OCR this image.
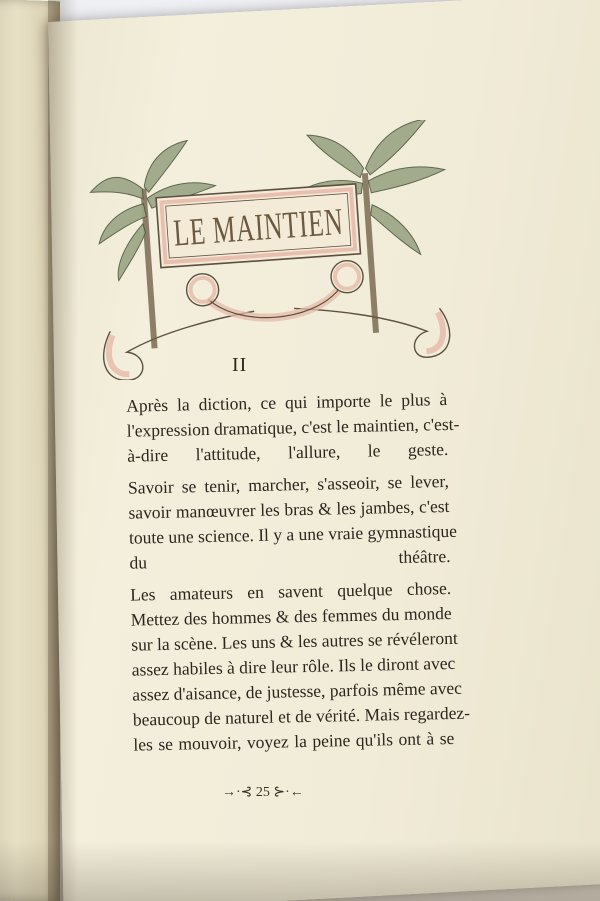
LE MAINTIEN
II

Après la diction, ce qui importe le plus à
l'expression dramatique, c'est le maintien, c'est-
à-dire l'attitude, l'allure, le geste.

Savoir se tenir, marcher, s'asseoir, se lever,
savoir manœuvrer les bras & les jambes, c'est
toute une science. Il y a une vraie gymnastique
du théâtre.

Les amateurs en savent quelque chose.
Mettez des hommes & des femmes du monde
sur la scène. Les uns & les autres se révéleront
assez habiles à dire leur rôle. Ils le diront avec
assez d'aisance, de justesse, parfois même avec
beaucoup de naturel et de vérité. Mais regardez-
les se mouvoir, voyez la peine qu'ils ont à se

→·⊰ 25 ⊱·←
